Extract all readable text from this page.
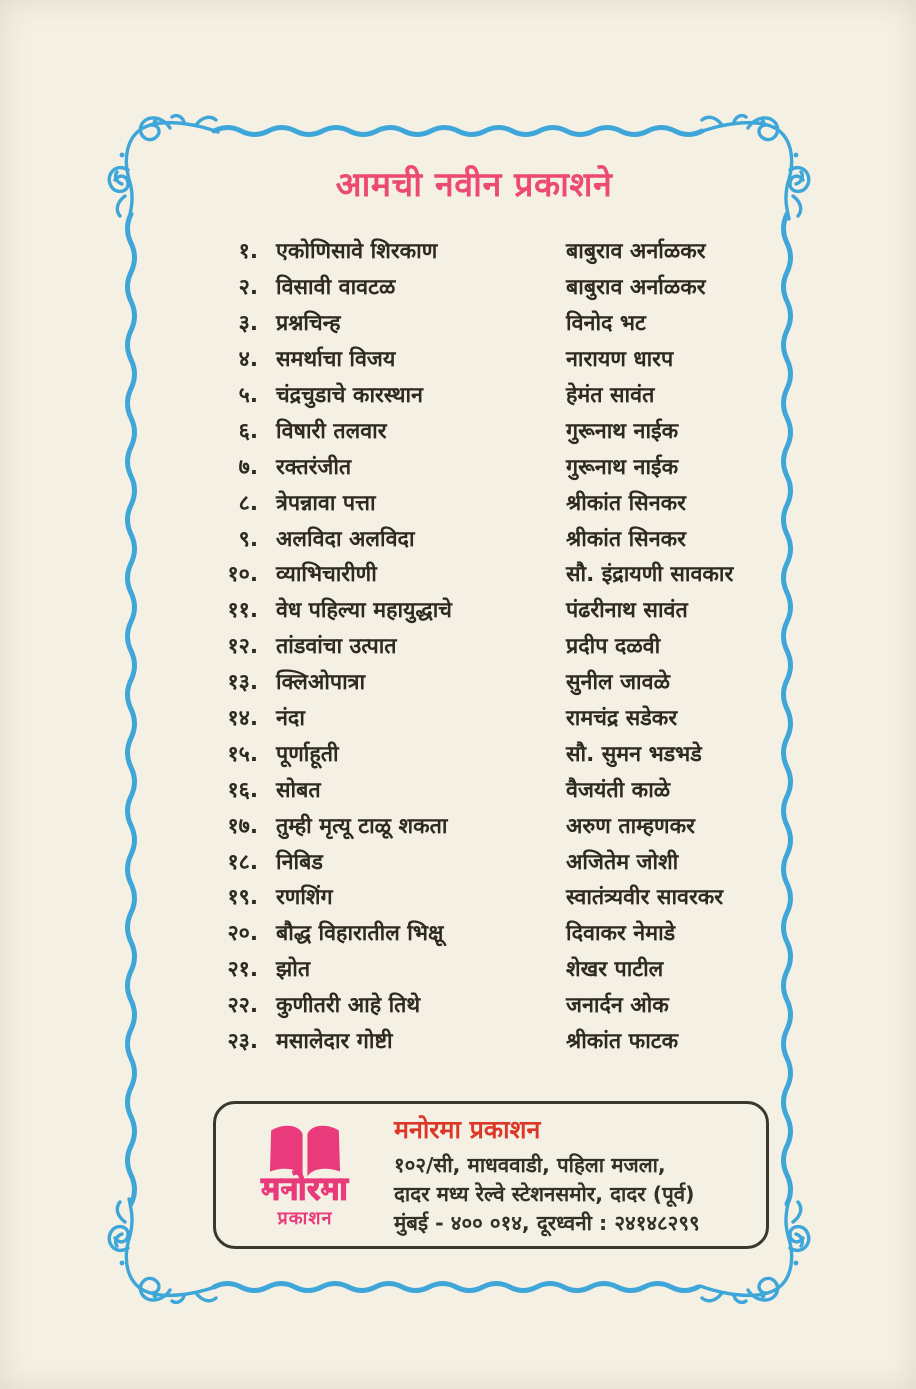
आमची नवीन प्रकाशने
१. एकोणिसावे शिरकाण	बाबुराव अर्नाळकर
२. विसावी वावटळ	बाबुराव अर्नाळकर
३. प्रश्नचिन्ह	विनोद भट
४. समर्थाचा विजय	नारायण धारप
५. चंद्रचुडाचे कारस्थान	हेमंत सावंत
६. विषारी तलवार	गुरूनाथ नाईक
७. रक्तरंजीत	गुरूनाथ नाईक
८. त्रेपन्नावा पत्ता	श्रीकांत सिनकर
९. अलविदा अलविदा	श्रीकांत सिनकर
१०. व्याभिचारीणी	सौ. इंद्रायणी सावकार
११. वेध पहिल्या महायुद्धाचे	पंढरीनाथ सावंत
१२. तांडवांचा उत्पात	प्रदीप दळवी
१३. क्लिओपात्रा	सुनील जावळे
१४. नंदा	रामचंद्र सडेकर
१५. पूर्णाहूती	सौ. सुमन भडभडे
१६. सोबत	वैजयंती काळे
१७. तुम्ही मृत्यू टाळू शकता	अरुण ताम्हणकर
१८. निबिड	अजितेम जोशी
१९. रणशिंग	स्वातंत्र्यवीर सावरकर
२०. बौद्ध विहारातील भिक्षू	दिवाकर नेमाडे
२१. झोत	शेखर पाटील
२२. कुणीतरी आहे तिथे	जनार्दन ओक
२३. मसालेदार गोष्टी	श्रीकांत फाटक
मनोरमा
प्रकाशन
मनोरमा प्रकाशन
१०२/सी, माधववाडी, पहिला मजला,
दादर मध्य रेल्वे स्टेशनसमोर, दादर (पूर्व)
मुंबई - ४०० ०१४, दूरध्वनी : २४१४८२९९
